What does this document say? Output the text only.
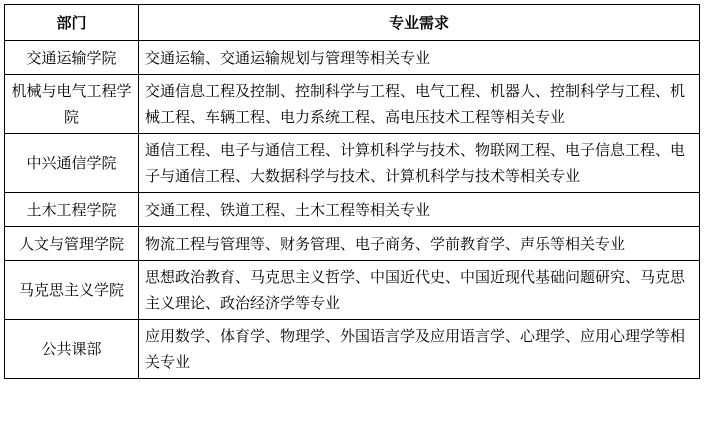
部门	专业需求
交通运输学院	交通运输、交通运输规划与管理等相关专业
机械与电气工程学院	交通信息工程及控制、控制科学与工程、电气工程、机器人、控制科学与工程、机械工程、车辆工程、电力系统工程、高电压技术工程等相关专业
中兴通信学院	通信工程、电子与通信工程、计算机科学与技术、物联网工程、电子信息工程、电子与通信工程、大数据科学与技术、计算机科学与技术等相关专业
土木工程学院	交通工程、铁道工程、土木工程等相关专业
人文与管理学院	物流工程与管理等、财务管理、电子商务、学前教育学、声乐等相关专业
马克思主义学院	思想政治教育、马克思主义哲学、中国近代史、中国近现代基础问题研究、马克思主义理论、政治经济学等专业
公共课部	应用数学、体育学、物理学、外国语言学及应用语言学、心理学、应用心理学等相关专业
